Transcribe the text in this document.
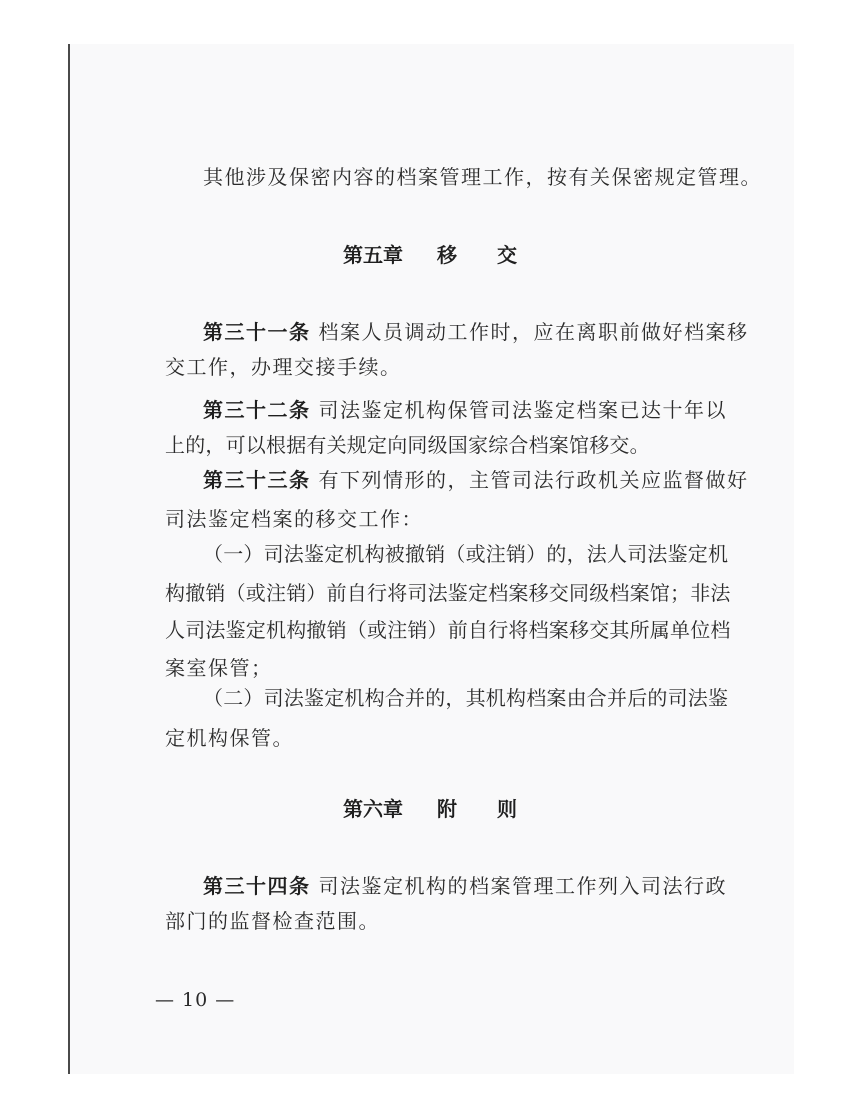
其他涉及保密内容的档案管理工作，按有关保密规定管理。
第五章 移 交
第三十一条 档案人员调动工作时，应在离职前做好档案移
交工作，办理交接手续。
第三十二条 司法鉴定机构保管司法鉴定档案已达十年以
上的，可以根据有关规定向同级国家综合档案馆移交。
第三十三条 有下列情形的，主管司法行政机关应监督做好
司法鉴定档案的移交工作：
（一）司法鉴定机构被撤销（或注销）的，法人司法鉴定机
构撤销（或注销）前自行将司法鉴定档案移交同级档案馆；非法
人司法鉴定机构撤销（或注销）前自行将档案移交其所属单位档
案室保管；
（二）司法鉴定机构合并的，其机构档案由合并后的司法鉴
定机构保管。
第六章 附 则
第三十四条 司法鉴定机构的档案管理工作列入司法行政
部门的监督检查范围。
— 10 —
